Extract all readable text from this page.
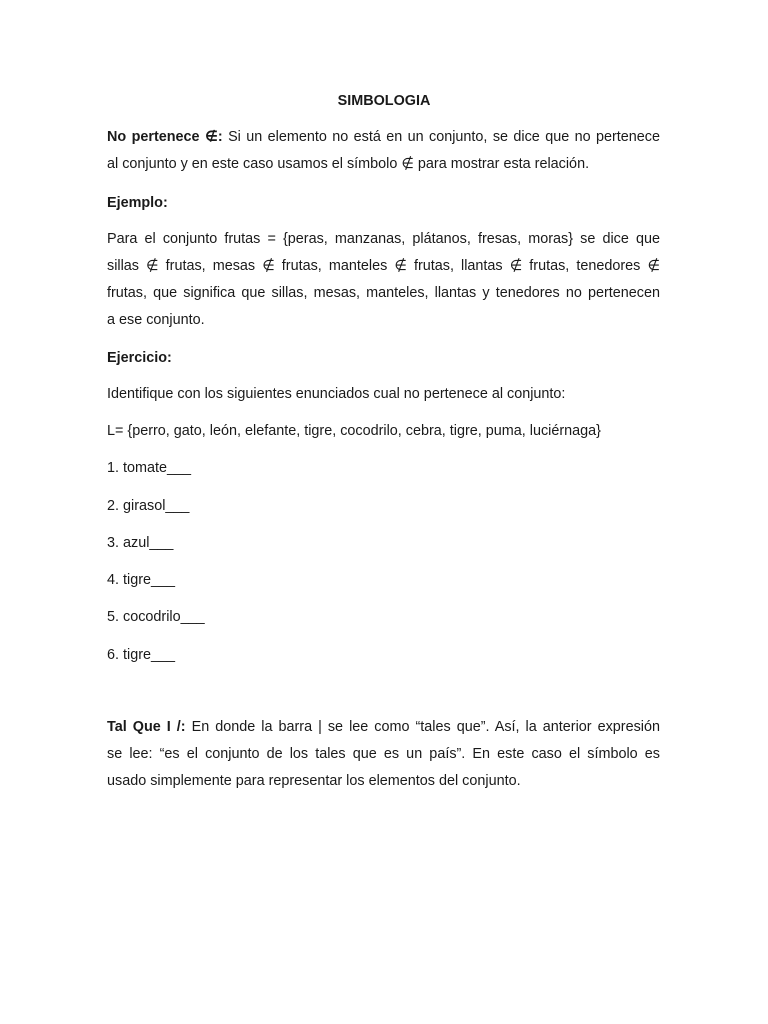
SIMBOLOGIA
No pertenece ∉: Si un elemento no está en un conjunto, se dice que no pertenece
al conjunto y en este caso usamos el símbolo ∉ para mostrar esta relación.
Ejemplo:
Para el conjunto frutas = {peras, manzanas, plátanos, fresas, moras} se dice que
sillas ∉ frutas, mesas ∉ frutas, manteles ∉ frutas, llantas ∉ frutas, tenedores ∉
frutas, que significa que sillas, mesas, manteles, llantas y tenedores no pertenecen
a ese conjunto.
Ejercicio:
Identifique con los siguientes enunciados cual no pertenece al conjunto:
L= {perro, gato, león, elefante, tigre, cocodrilo, cebra, tigre, puma, luciérnaga}
1. tomate___
2. girasol___
3. azul___
4. tigre___
5. cocodrilo___
6. tigre___
Tal Que I /: En donde la barra | se lee como “tales que”. Así, la anterior expresión
se lee: “es el conjunto de los tales que es un país”. En este caso el símbolo es
usado simplemente para representar los elementos del conjunto.
